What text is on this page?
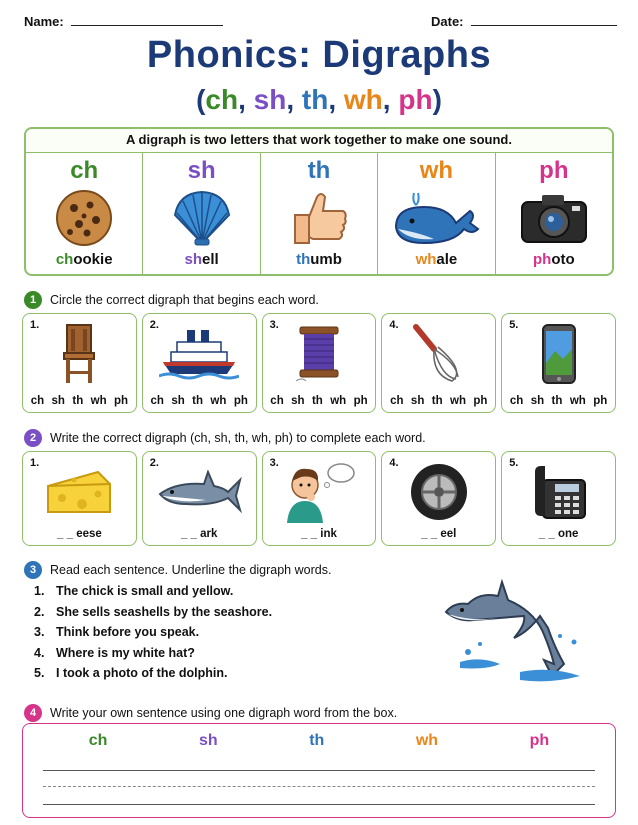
Name:	Date:
Phonics: Digraphs
(ch, sh, th, wh, ph)
A digraph is two letters that work together to make one sound.
ch
chookie
sh
shell
th
thumb
wh
whale
ph
photo
1	Circle the correct digraph that begins each word.
1.
ch sh th wh ph
2.
ch sh th wh ph
3.
ch sh th wh ph
4.
ch sh th wh ph
5.
ch sh th wh ph
2	Write the correct digraph (ch, sh, th, wh, ph) to complete each word.
1.
_ _ eese
2.
_ _ ark
3.
_ _ ink
4.
_ _ eel
5.
_ _ one
3	Read each sentence. Underline the digraph words.
1. The chick is small and yellow.
2. She sells seashells by the seashore.
3. Think before you speak.
4. Where is my white hat?
5. I took a photo of the dolphin.
4	Write your own sentence using one digraph word from the box.
ch	sh	th	wh	ph
